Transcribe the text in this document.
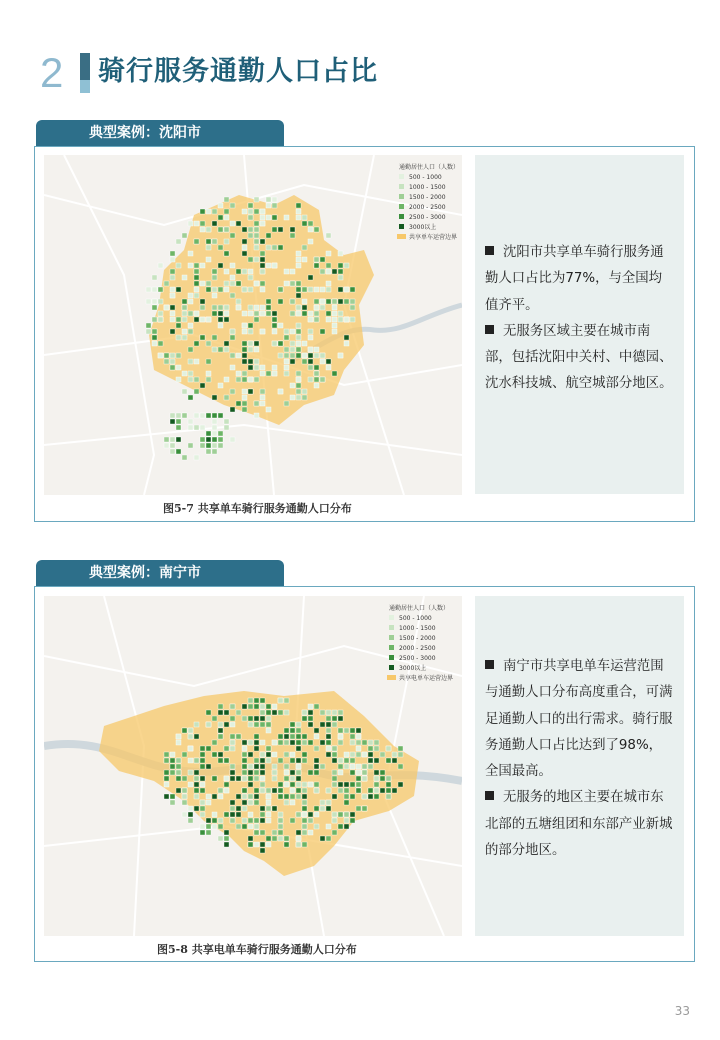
2 骑行服务通勤人口占比
典型案例：沈阳市
通勤居住人口（人数）
500 - 1000
1000 - 1500
1500 - 2000
2000 - 2500
2500 - 3000
3000以上
共享单车运营边界
图5-7 共享单车骑行服务通勤人口分布

沈阳市共享单车骑行服务通勤人口占比为77%，与全国均值齐平。

无服务区域主要在城市南部，包括沈阳中关村、中德园、沈水科技城、航空城部分地区。

典型案例：南宁市
通勤居住人口（人数）
500 - 1000
1000 - 1500
1500 - 2000
2000 - 2500
2500 - 3000
3000以上
共享电单车运营边界
图5-8 共享电单车骑行服务通勤人口分布

南宁市共享电单车运营范围与通勤人口分布高度重合，可满足通勤人口的出行需求。骑行服务通勤人口占比达到了98%，全国最高。

无服务的地区主要在城市东北部的五塘组团和东部产业新城的部分地区。

33
